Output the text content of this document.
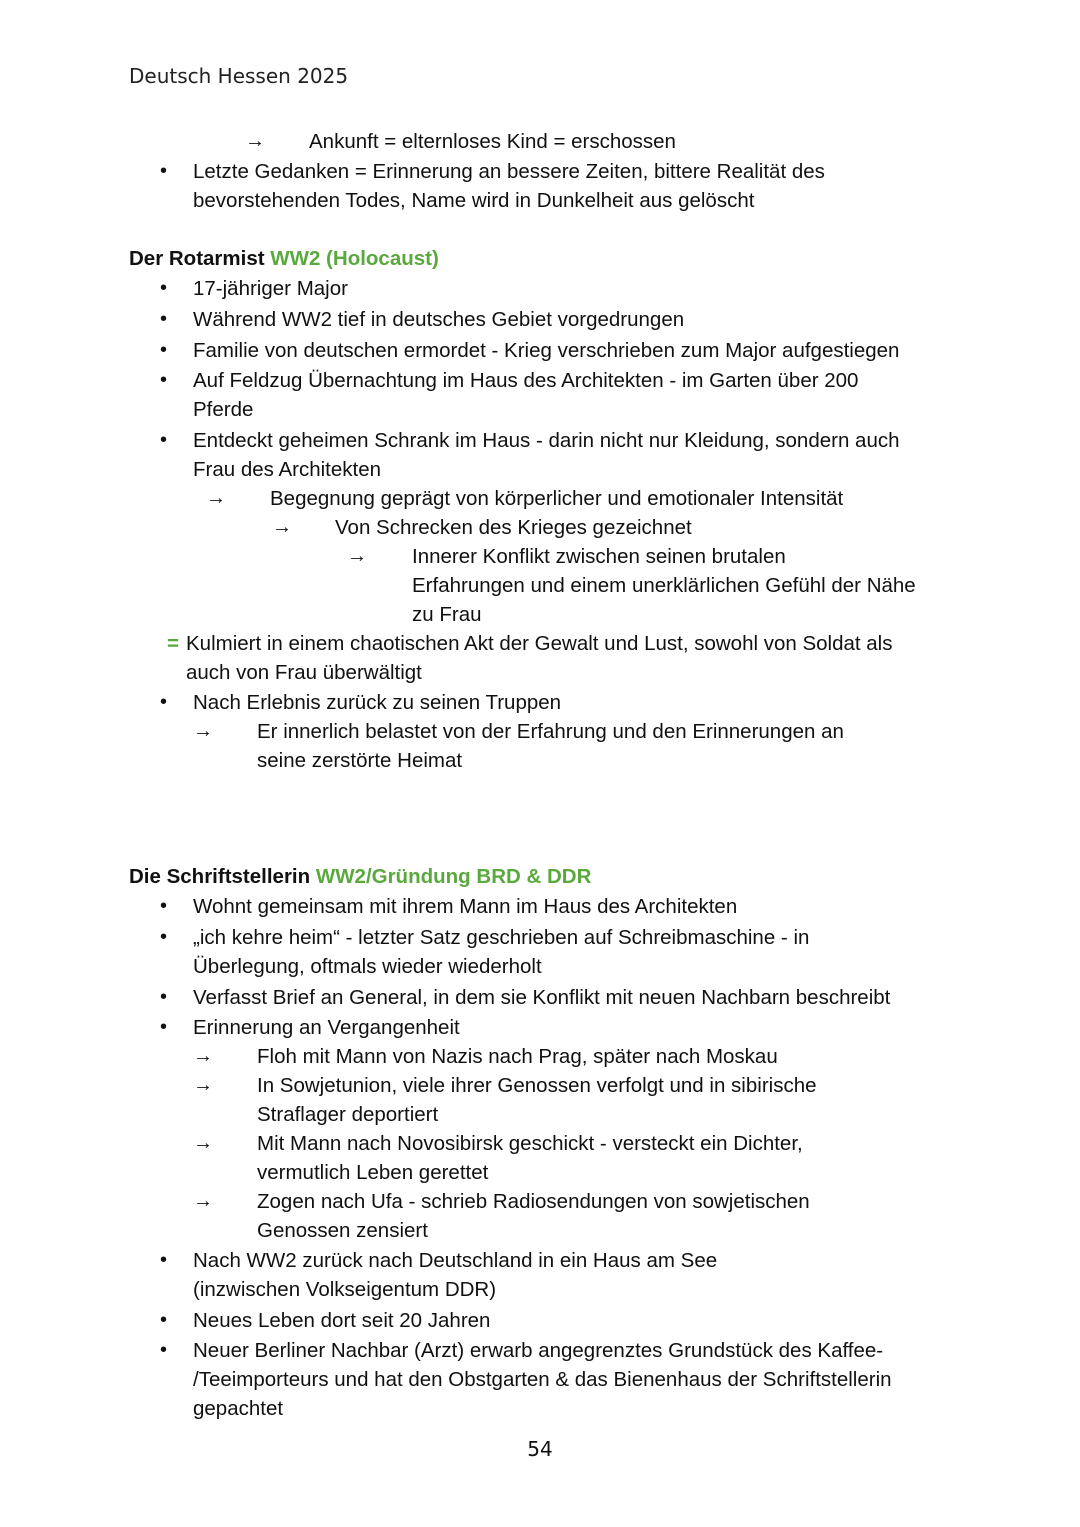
Deutsch Hessen 2025
→ Ankunft = elternloses Kind = erschossen
• Letzte Gedanken = Erinnerung an bessere Zeiten, bittere Realität des
bevorstehenden Todes, Name wird in Dunkelheit aus gelöscht
Der Rotarmist WW2 (Holocaust)
• 17-jähriger Major
• Während WW2 tief in deutsches Gebiet vorgedrungen
• Familie von deutschen ermordet - Krieg verschrieben zum Major aufgestiegen
• Auf Feldzug Übernachtung im Haus des Architekten - im Garten über 200
Pferde
• Entdeckt geheimen Schrank im Haus - darin nicht nur Kleidung, sondern auch
Frau des Architekten
→ Begegnung geprägt von körperlicher und emotionaler Intensität
→ Von Schrecken des Krieges gezeichnet
→ Innerer Konflikt zwischen seinen brutalen
Erfahrungen und einem unerklärlichen Gefühl der Nähe
zu Frau
= Kulmiert in einem chaotischen Akt der Gewalt und Lust, sowohl von Soldat als
auch von Frau überwältigt
• Nach Erlebnis zurück zu seinen Truppen
→ Er innerlich belastet von der Erfahrung und den Erinnerungen an
seine zerstörte Heimat
Die Schriftstellerin WW2/Gründung BRD & DDR
• Wohnt gemeinsam mit ihrem Mann im Haus des Architekten
• „ich kehre heim“ - letzter Satz geschrieben auf Schreibmaschine - in
Überlegung, oftmals wieder wiederholt
• Verfasst Brief an General, in dem sie Konflikt mit neuen Nachbarn beschreibt
• Erinnerung an Vergangenheit
→ Floh mit Mann von Nazis nach Prag, später nach Moskau
→ In Sowjetunion, viele ihrer Genossen verfolgt und in sibirische
Straflager deportiert
→ Mit Mann nach Novosibirsk geschickt - versteckt ein Dichter,
vermutlich Leben gerettet
→ Zogen nach Ufa - schrieb Radiosendungen von sowjetischen
Genossen zensiert
• Nach WW2 zurück nach Deutschland in ein Haus am See
(inzwischen Volkseigentum DDR)
• Neues Leben dort seit 20 Jahren
• Neuer Berliner Nachbar (Arzt) erwarb angegrenztes Grundstück des Kaffee-
/Teeimporteurs und hat den Obstgarten & das Bienenhaus der Schriftstellerin
gepachtet
54
